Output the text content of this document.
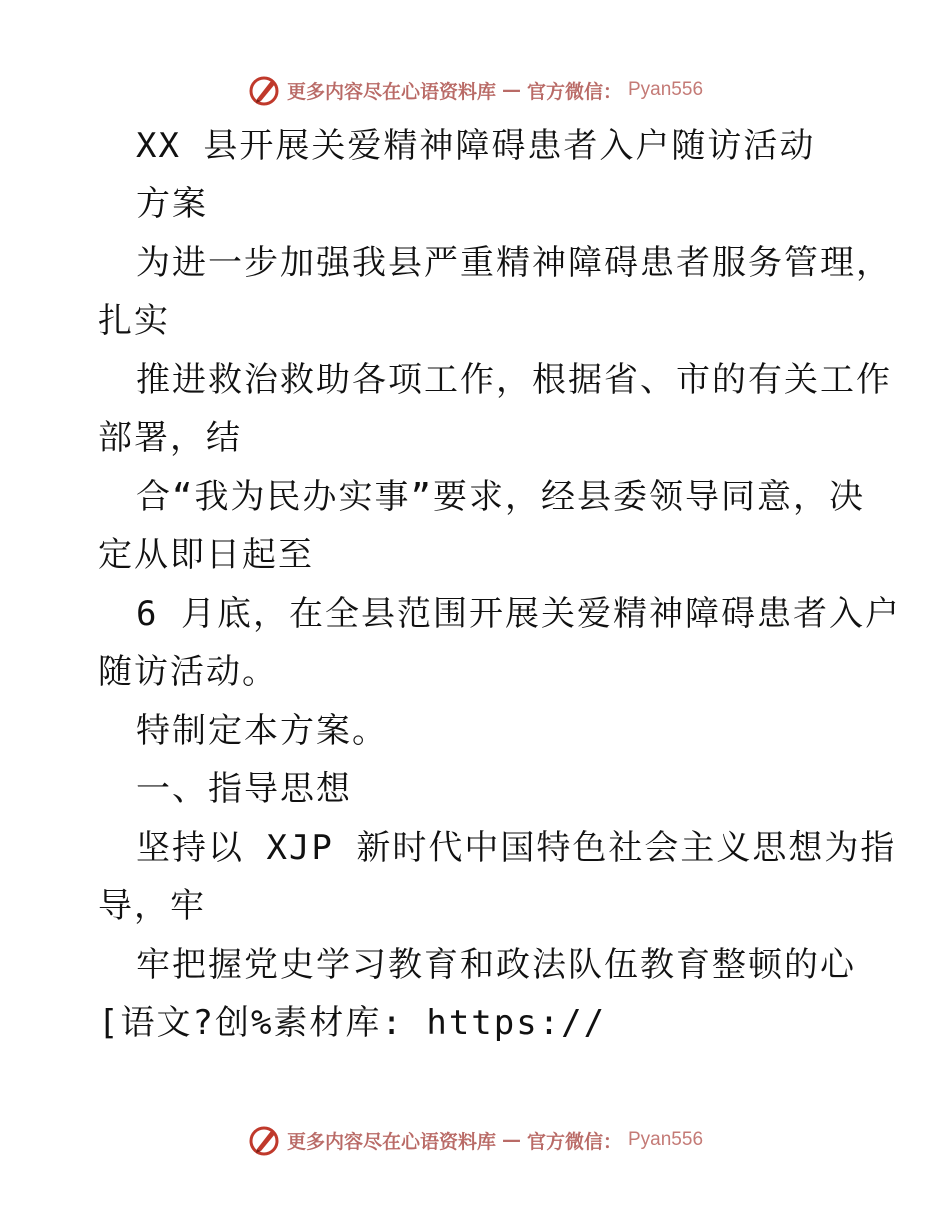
更多内容尽在心语资料库 — 官方微信： Pyan556
XX 县开展关爱精神障碍患者入户随访活动
方案
为进一步加强我县严重精神障碍患者服务管理，
扎实
推进救治救助各项工作，根据省、市的有关工作
部署，结
合“我为民办实事”要求，经县委领导同意，决
定从即日起至
6 月底，在全县范围开展关爱精神障碍患者入户
随访活动。
特制定本方案。
一、指导思想
坚持以 XJP 新时代中国特色社会主义思想为指
导，牢
牢把握党史学习教育和政法队伍教育整顿的心
[语文?创%素材库: https://
更多内容尽在心语资料库 — 官方微信： Pyan556
